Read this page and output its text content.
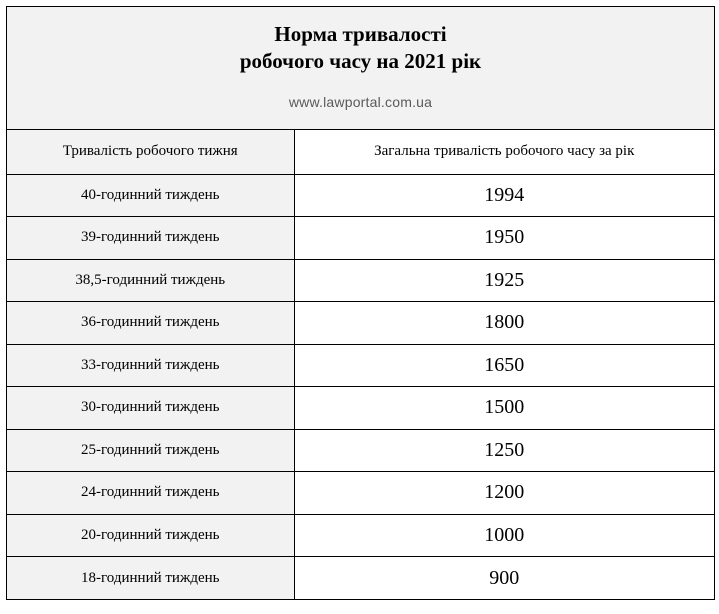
Норма тривалості
робочого часу на 2021 рік
www.lawportal.com.ua
Тривалість робочого тижня	Загальна тривалість робочого часу за рік
40-годинний тиждень	1994
39-годинний тиждень	1950
38,5-годинний тиждень	1925
36-годинний тиждень	1800
33-годинний тиждень	1650
30-годинний тиждень	1500
25-годинний тиждень	1250
24-годинний тиждень	1200
20-годинний тиждень	1000
18-годинний тиждень	900
